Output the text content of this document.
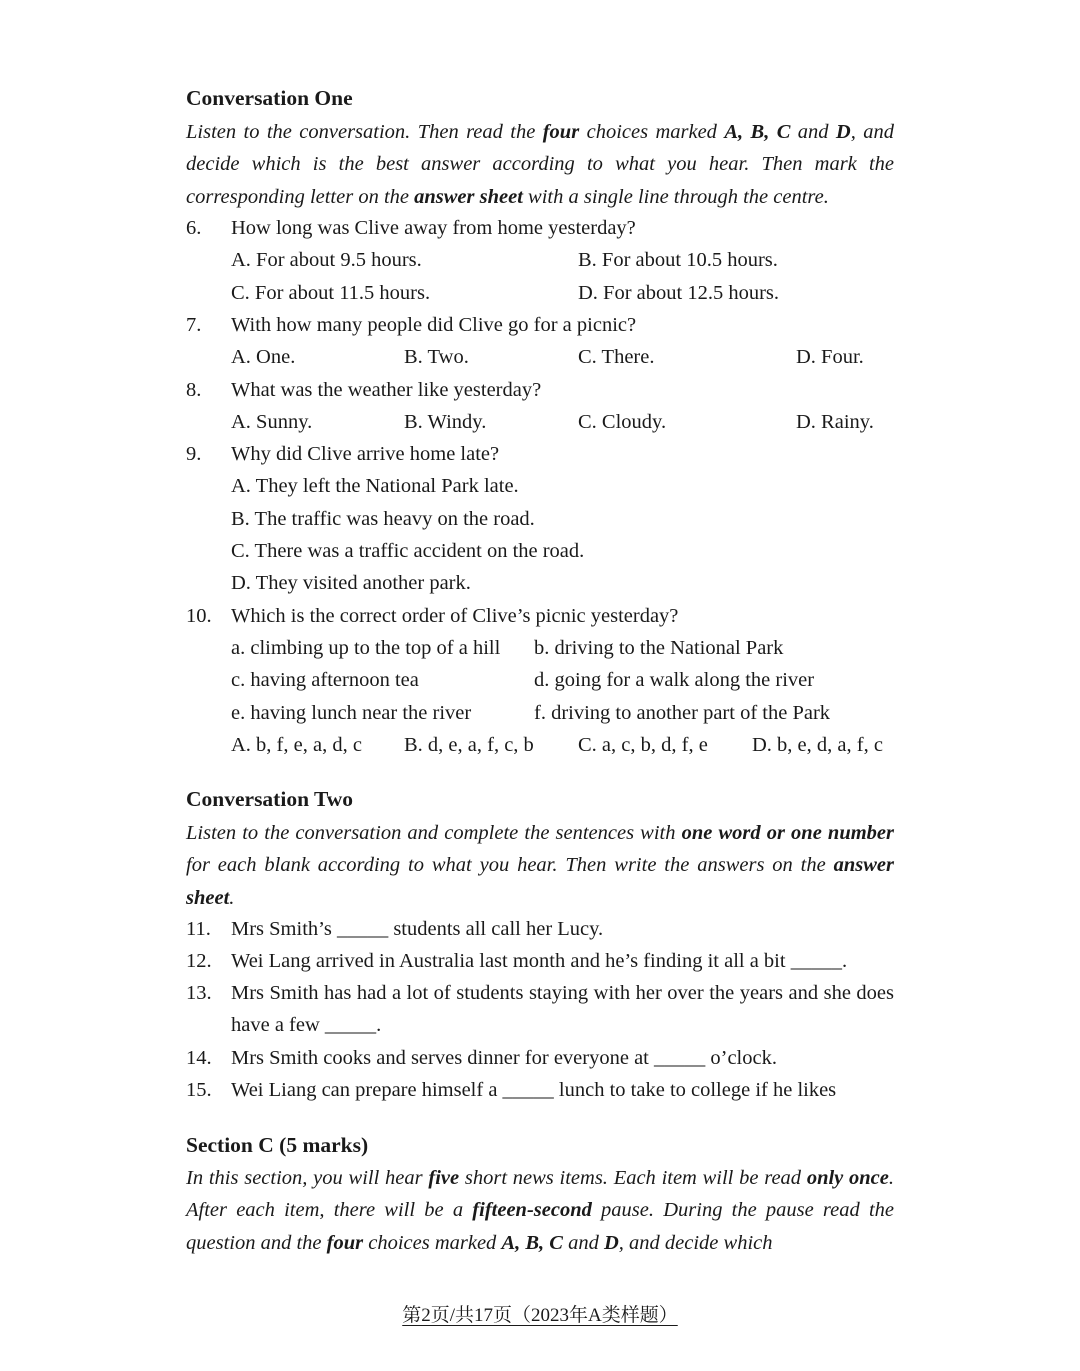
Conversation One
Listen to the conversation. Then read the four choices marked A, B, C and D, and decide which is the best answer according to what you hear. Then mark the corresponding letter on the answer sheet with a single line through the centre.
6. How long was Clive away from home yesterday?
A. For about 9.5 hours.	B. For about 10.5 hours.
C. For about 11.5 hours.	D. For about 12.5 hours.
7. With how many people did Clive go for a picnic?
A. One.	B. Two.	C. There.	D. Four.
8. What was the weather like yesterday?
A. Sunny.	B. Windy.	C. Cloudy.	D. Rainy.
9. Why did Clive arrive home late?
A. They left the National Park late.
B. The traffic was heavy on the road.
C. There was a traffic accident on the road.
D. They visited another park.
10. Which is the correct order of Clive’s picnic yesterday?
a. climbing up to the top of a hill b. driving to the National Park
c. having afternoon tea	d. going for a walk along the river
e. having lunch near the river	f. driving to another part of the Park
A. b, f, e, a, d, c B. d, e, a, f, c, b C. a, c, b, d, f, e D. b, e, d, a, f, c
Conversation Two
Listen to the conversation and complete the sentences with one word or one number for each blank according to what you hear. Then write the answers on the answer sheet.
11. Mrs Smith’s _____ students all call her Lucy.
12. Wei Lang arrived in Australia last month and he’s finding it all a bit _____.
13. Mrs Smith has had a lot of students staying with her over the years and she does have a few _____.
14. Mrs Smith cooks and serves dinner for everyone at _____ o’clock.
15. Wei Liang can prepare himself a _____ lunch to take to college if he likes
Section C (5 marks)
In this section, you will hear five short news items. Each item will be read only once. After each item, there will be a fifteen-second pause. During the pause read the question and the four choices marked A, B, C and D, and decide which
第2页/共17页（2023年A类样题）
